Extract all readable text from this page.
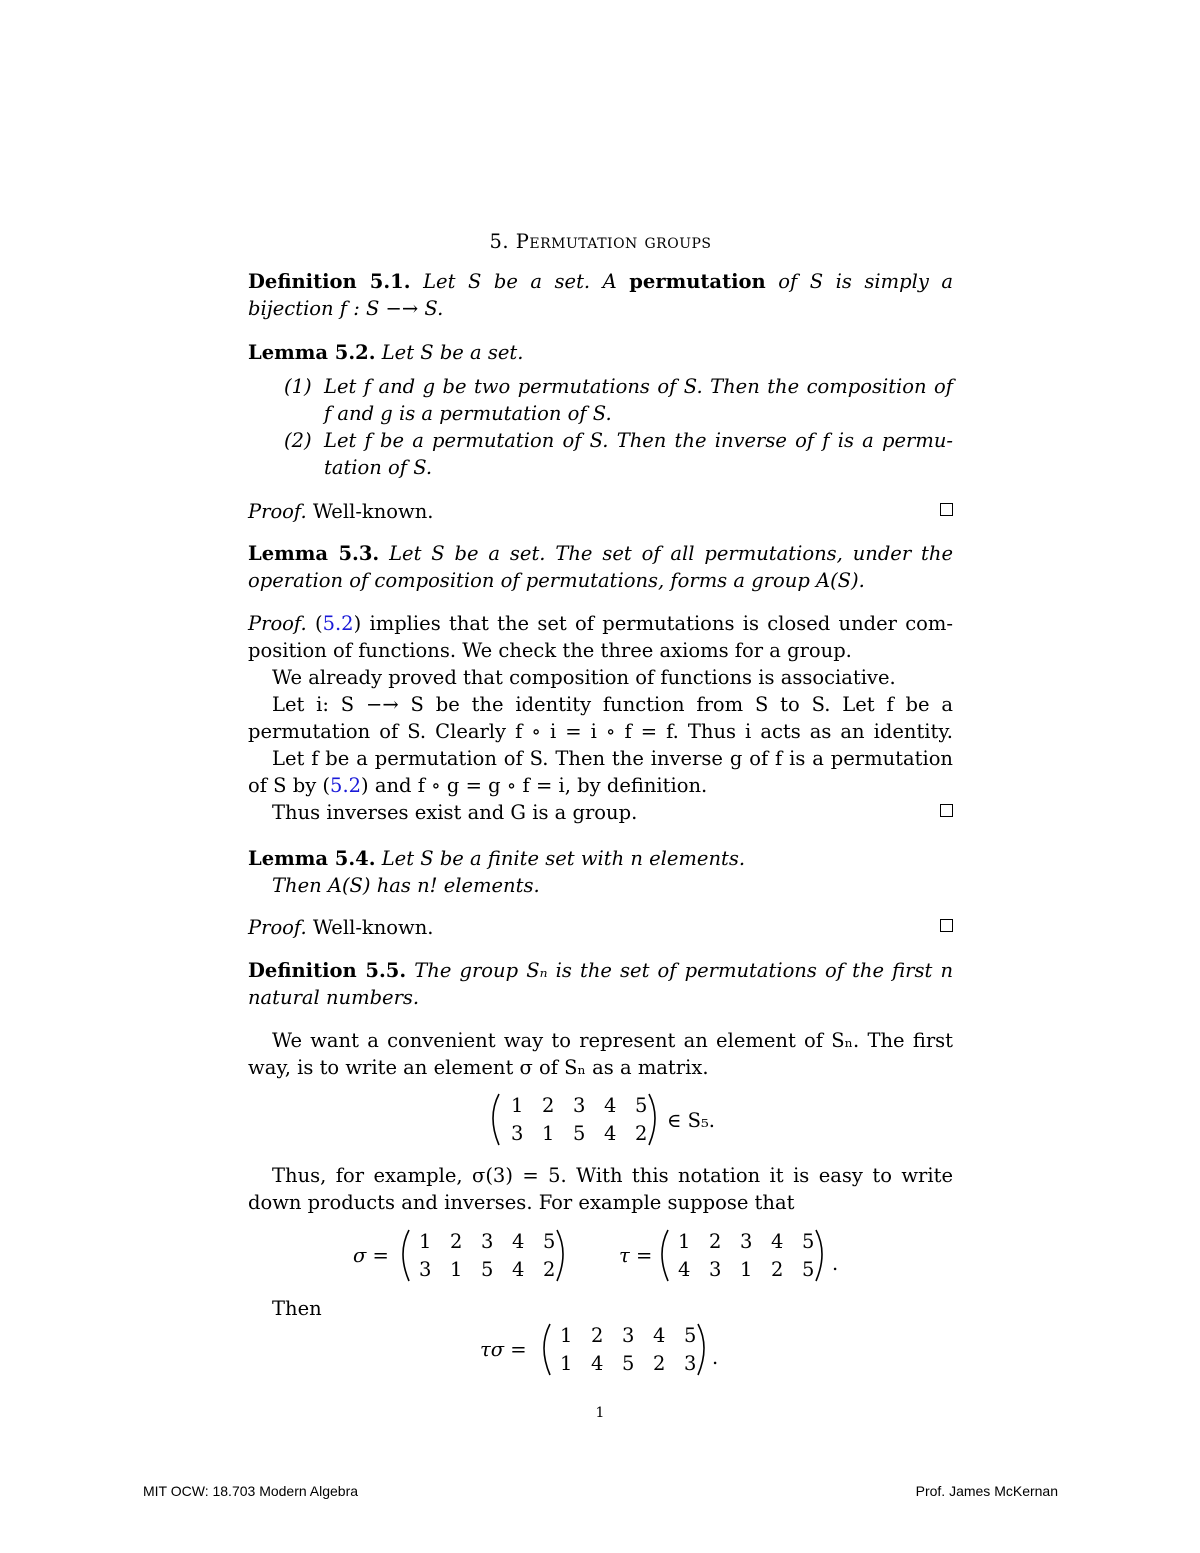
5. Permutation groups
Definition 5.1. Let S be a set. A permutation of S is simply a
bijection f : S −→ S.
Lemma 5.2. Let S be a set.
(1) Let f and g be two permutations of S. Then the composition of
f and g is a permutation of S.
(2) Let f be a permutation of S. Then the inverse of f is a permu-
tation of S.
Proof. Well-known.
Lemma 5.3. Let S be a set. The set of all permutations, under the
operation of composition of permutations, forms a group A(S).
Proof. (5.2) implies that the set of permutations is closed under com-
position of functions. We check the three axioms for a group.
We already proved that composition of functions is associative.
Let i: S −→ S be the identity function from S to S. Let f be a
permutation of S. Clearly f ∘ i = i ∘ f = f. Thus i acts as an identity.
Let f be a permutation of S. Then the inverse g of f is a permutation
of S by (5.2) and f ∘ g = g ∘ f = i, by definition.
Thus inverses exist and G is a group.
Lemma 5.4. Let S be a finite set with n elements.
Then A(S) has n! elements.
Proof. Well-known.
Definition 5.5. The group Sₙ is the set of permutations of the first n
natural numbers.
We want a convenient way to represent an element of Sₙ. The first
way, is to write an element σ of Sₙ as a matrix.
1 2 3 4 5
3 1 5 4 2
∈ S₅.
Thus, for example, σ(3) = 5. With this notation it is easy to write
down products and inverses. For example suppose that
σ =
1 2 3 4 5
3 1 5 4 2
τ =
1 2 3 4 5
4 3 1 2 5 .
Then
τσ =
1 2 3 4 5
1 4 5 2 3 .
1
MIT OCW: 18.703 Modern Algebra	Prof. James McKernan
